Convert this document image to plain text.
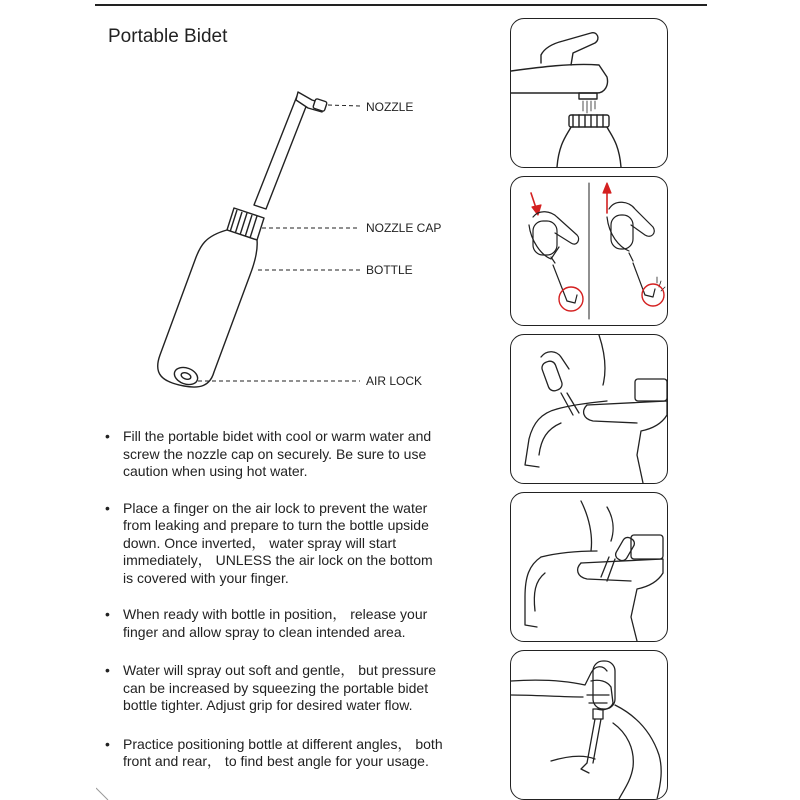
Portable Bidet
NOZZLE
NOZZLE CAP
BOTTLE
AIR LOCK
• Fill the portable bidet with cool or warm water and
screw the nozzle cap on securely. Be sure to use
caution when using hot water.
• Place a finger on the air lock to prevent the water
from leaking and prepare to turn the bottle upside
down. Once inverted， water spray will start
immediately， UNLESS the air lock on the bottom
is covered with your finger.
• When ready with bottle in position， release your
finger and allow spray to clean intended area.
• Water will spray out soft and gentle， but pressure
can be increased by squeezing the portable bidet
bottle tighter. Adjust grip for desired water flow.
• Practice positioning bottle at different angles， both
front and rear， to find best angle for your usage.
